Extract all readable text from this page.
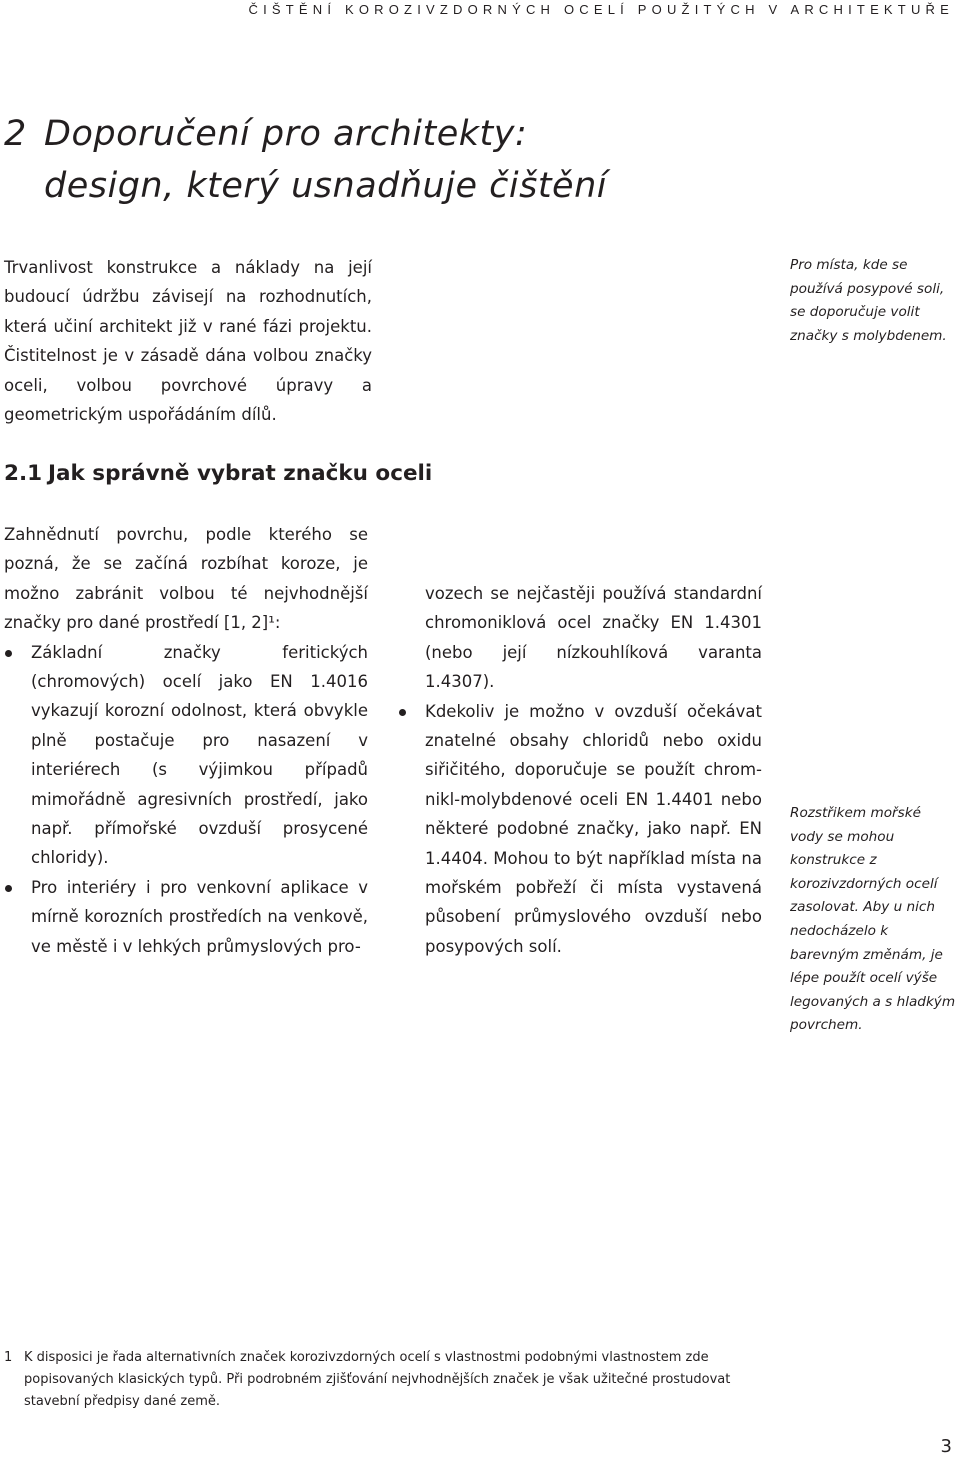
ČIŠTĚNÍ KOROZIVZDORNÝCH OCELÍ POUŽITÝCH V ARCHITEKTUŘE
2 Doporučení pro architekty:
design, který usnadňuje čištění

Trvanlivost konstrukce a náklady na její budoucí údržbu závisejí na rozhodnutích, která učiní architekt již v rané fázi projektu. Čistitelnost je v zásadě dána volbou značky oceli, volbou povrchové úpravy a geometrickým uspořádáním dílů.

Pro místa, kde se používá posypové soli, se doporučuje volit značky s molybdenem.

2.1 Jak správně vybrat značku oceli

Zahnědnutí povrchu, podle kterého se pozná, že se začíná rozbíhat koroze, je možno zabránit volbou té nejvhodnější značky pro dané prostředí [1, 2]¹:

Základní značky feritických (chromových) ocelí jako EN 1.4016 vykazují korozní odolnost, která obvykle plně postačuje pro nasazení v interiérech (s výjimkou případů mimořádně agresivních prostředí, jako např. přímořské ovzduší prosycené chloridy).
Pro interiéry i pro venkovní aplikace v mírně korozních prostředích na venkově, ve městě i v lehkých průmyslových pro-

vozech se nejčastěji používá standardní chromoniklová ocel značky EN 1.4301 (nebo její nízkouhlíková varanta 1.4307).

Kdekoliv je možno v ovzduší očekávat znatelné obsahy chloridů nebo oxidu siřičitého, doporučuje se použít chrom-nikl-molybdenové oceli EN 1.4401 nebo některé podobné značky, jako např. EN 1.4404. Mohou to být například místa na mořském pobřeží či místa vystavená působení průmyslového ovzduší nebo posypových solí.

Rozstřikem mořské vody se mohou konstrukce z korozivzdorných ocelí zasolovat. Aby u nich nedocházelo k barevným změnám, je lépe použít ocelí výše legovaných a s hladkým povrchem.

1 K disposici je řada alternativních značek korozivzdorných ocelí s vlastnostmi podobnými vlastnostem zde popisovaných klasických typů. Při podrobném zjišťování nejvhodnějších značek je však užitečné prostudovat stavební předpisy dané země.
3
